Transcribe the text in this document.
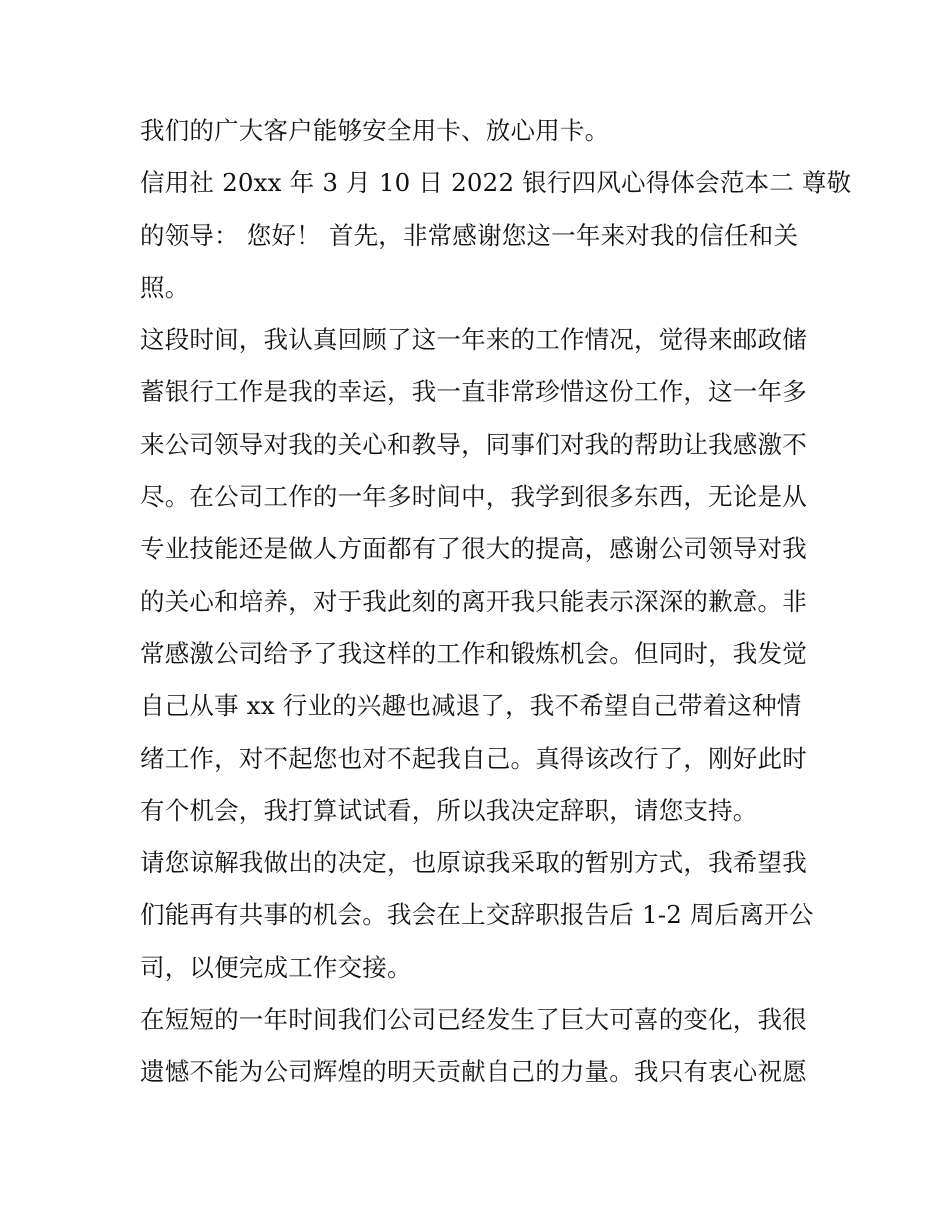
我们的广大客户能够安全用卡、放心用卡。
信用社 20xx 年 3 月 10 日 2022 银行四风心得体会范本二 尊敬
的领导： 您好！ 首先，非常感谢您这一年来对我的信任和关
照。
这段时间，我认真回顾了这一年来的工作情况，觉得来邮政储
蓄银行工作是我的幸运，我一直非常珍惜这份工作，这一年多
来公司领导对我的关心和教导，同事们对我的帮助让我感激不
尽。在公司工作的一年多时间中，我学到很多东西，无论是从
专业技能还是做人方面都有了很大的提高，感谢公司领导对我
的关心和培养，对于我此刻的离开我只能表示深深的歉意。非
常感激公司给予了我这样的工作和锻炼机会。但同时，我发觉
自己从事 xx 行业的兴趣也减退了，我不希望自己带着这种情
绪工作，对不起您也对不起我自己。真得该改行了，刚好此时
有个机会，我打算试试看，所以我决定辞职，请您支持。
请您谅解我做出的决定，也原谅我采取的暂别方式，我希望我
们能再有共事的机会。我会在上交辞职报告后 1-2 周后离开公
司，以便完成工作交接。
在短短的一年时间我们公司已经发生了巨大可喜的变化，我很
遗憾不能为公司辉煌的明天贡献自己的力量。我只有衷心祝愿
